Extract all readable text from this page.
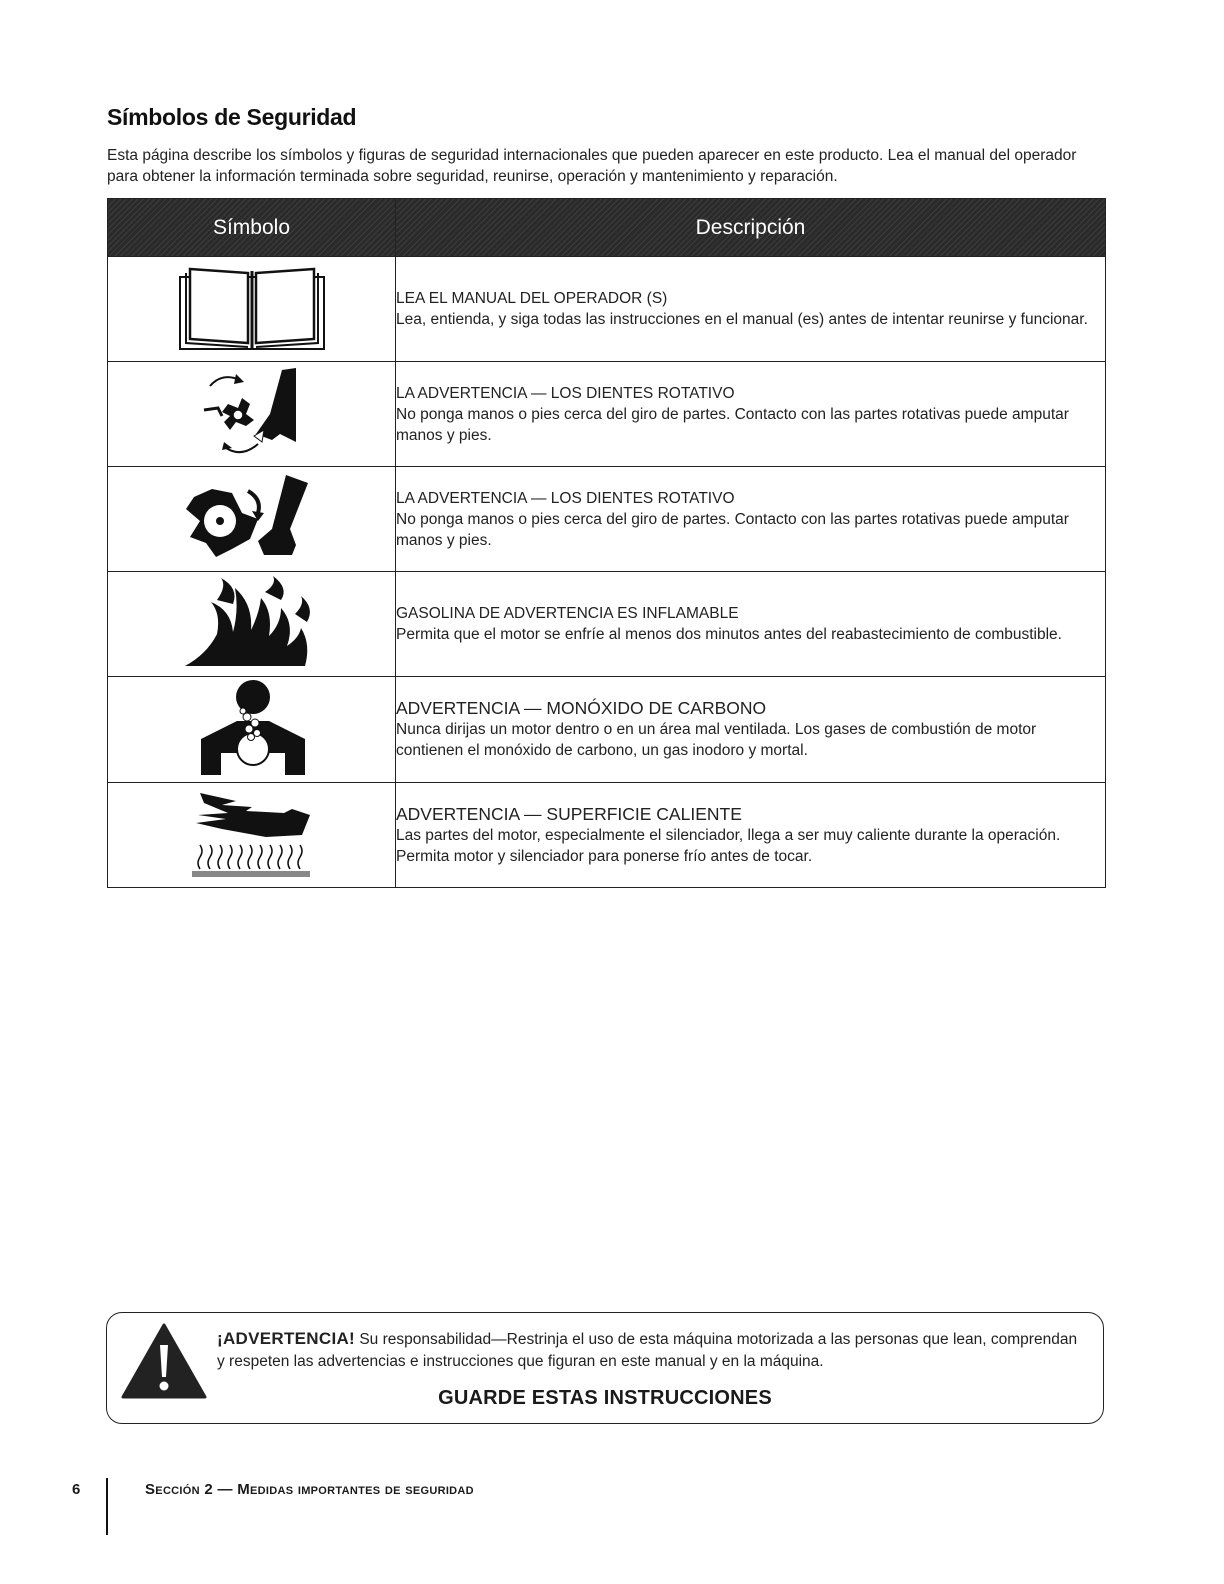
Símbolos de Seguridad
Esta página describe los símbolos y figuras de seguridad internacionales que pueden aparecer en este producto. Lea el manual del operador para obtener la información terminada sobre seguridad, reunirse, operación y mantenimiento y reparación.
Símbolo	Descripción

LEA EL MANUAL DEL OPERADOR (S)
Lea, entienda, y siga todas las instrucciones en el manual (es) antes de intentar reunirse y funcionar.

LA ADVERTENCIA — LOS DIENTES ROTATIVO
No ponga manos o pies cerca del giro de partes. Contacto con las partes rotativas puede amputar manos y pies.

LA ADVERTENCIA — LOS DIENTES ROTATIVO
No ponga manos o pies cerca del giro de partes. Contacto con las partes rotativas puede amputar manos y pies.

GASOLINA DE ADVERTENCIA ES INFLAMABLE
Permita que el motor se enfríe al menos dos minutos antes del reabastecimiento de combustible.

ADVERTENCIA — MONÓXIDO DE CARBONO
Nunca dirijas un motor dentro o en un área mal ventilada. Los gases de combustión de motor contienen el monóxido de carbono, un gas inodoro y mortal.

ADVERTENCIA — SUPERFICIE CALIENTE
Las partes del motor, especialmente el silenciador, llega a ser muy caliente durante la operación. Permita motor y silenciador para ponerse frío antes de tocar.
¡ADVERTENCIA! Su responsabilidad—Restrinja el uso de esta máquina motorizada a las personas que lean, comprendan y respeten las advertencias e instrucciones que figuran en este manual y en la máquina.
GUARDE ESTAS INSTRUCCIONES
6	Sección 2 — Medidas importantes de seguridad
